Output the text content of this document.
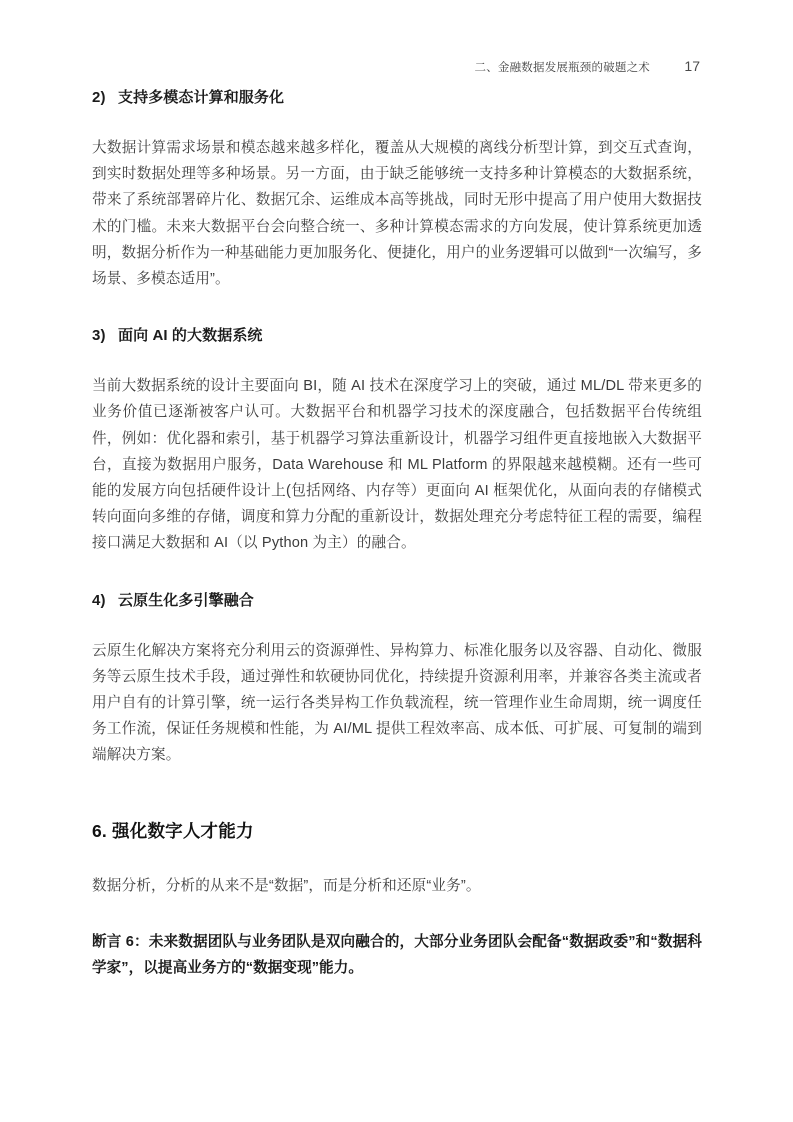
二、金融数据发展瓶颈的破题之术	17
2) 支持多模态计算和服务化

大数据计算需求场景和模态越来越多样化，覆盖从大规模的离线分析型计算，到交互式查询，到实时数据处理等多种场景。另一方面，由于缺乏能够统一支持多种计算模态的大数据系统，带来了系统部署碎片化、数据冗余、运维成本高等挑战，同时无形中提高了用户使用大数据技术的门槛。未来大数据平台会向整合统一、多种计算模态需求的方向发展，使计算系统更加透明，数据分析作为一种基础能力更加服务化、便捷化，用户的业务逻辑可以做到“一次编写，多场景、多模态适用”。

3) 面向 AI 的大数据系统

当前大数据系统的设计主要面向 BI，随 AI 技术在深度学习上的突破，通过 ML/DL 带来更多的业务价值已逐渐被客户认可。大数据平台和机器学习技术的深度融合，包括数据平台传统组件，例如：优化器和索引，基于机器学习算法重新设计，机器学习组件更直接地嵌入大数据平台，直接为数据用户服务，Data Warehouse 和 ML Platform 的界限越来越模糊。还有一些可能的发展方向包括硬件设计上(包括网络、内存等）更面向 AI 框架优化，从面向表的存储模式转向面向多维的存储，调度和算力分配的重新设计，数据处理充分考虑特征工程的需要，编程接口满足大数据和 AI（以 Python 为主）的融合。

4) 云原生化多引擎融合

云原生化解决方案将充分利用云的资源弹性、异构算力、标准化服务以及容器、自动化、微服务等云原生技术手段，通过弹性和软硬协同优化，持续提升资源利用率，并兼容各类主流或者用户自有的计算引擎，统一运行各类异构工作负载流程，统一管理作业生命周期，统一调度任务工作流，保证任务规模和性能，为 AI/ML 提供工程效率高、成本低、可扩展、可复制的端到端解决方案。

6. 强化数字人才能力

数据分析，分析的从来不是“数据”，而是分析和还原“业务”。

断言 6：未来数据团队与业务团队是双向融合的，大部分业务团队会配备“数据政委”和“数据科学家”，以提高业务方的“数据变现”能力。
